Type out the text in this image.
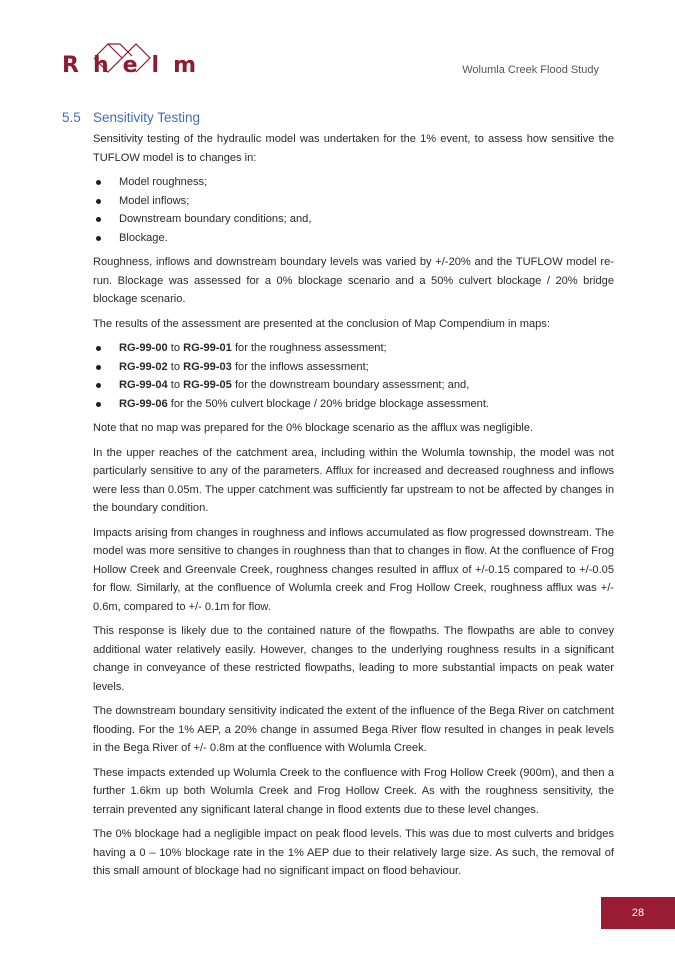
R h e l m	Wolumla Creek Flood Study
5.5 Sensitivity Testing

Sensitivity testing of the hydraulic model was undertaken for the 1% event, to assess how sensitive the TUFLOW model is to changes in:

Model roughness;
Model inflows;
Downstream boundary conditions; and,
Blockage.

Roughness, inflows and downstream boundary levels was varied by +/-20% and the TUFLOW model re-run. Blockage was assessed for a 0% blockage scenario and a 50% culvert blockage / 20% bridge blockage scenario.

The results of the assessment are presented at the conclusion of Map Compendium in maps:

RG-99-00 to RG-99-01 for the roughness assessment;
RG-99-02 to RG-99-03 for the inflows assessment;
RG-99-04 to RG-99-05 for the downstream boundary assessment; and,
RG-99-06 for the 50% culvert blockage / 20% bridge blockage assessment.

Note that no map was prepared for the 0% blockage scenario as the afflux was negligible.

In the upper reaches of the catchment area, including within the Wolumla township, the model was not particularly sensitive to any of the parameters. Afflux for increased and decreased roughness and inflows were less than 0.05m. The upper catchment was sufficiently far upstream to not be affected by changes in the boundary condition.

Impacts arising from changes in roughness and inflows accumulated as flow progressed downstream. The model was more sensitive to changes in roughness than that to changes in flow. At the confluence of Frog Hollow Creek and Greenvale Creek, roughness changes resulted in afflux of +/-0.15 compared to +/-0.05 for flow. Similarly, at the confluence of Wolumla creek and Frog Hollow Creek, roughness afflux was +/- 0.6m, compared to +/- 0.1m for flow.

This response is likely due to the contained nature of the flowpaths. The flowpaths are able to convey additional water relatively easily. However, changes to the underlying roughness results in a significant change in conveyance of these restricted flowpaths, leading to more substantial impacts on peak water levels.

The downstream boundary sensitivity indicated the extent of the influence of the Bega River on catchment flooding. For the 1% AEP, a 20% change in assumed Bega River flow resulted in changes in peak levels in the Bega River of +/- 0.8m at the confluence with Wolumla Creek.

These impacts extended up Wolumla Creek to the confluence with Frog Hollow Creek (900m), and then a further 1.6km up both Wolumla Creek and Frog Hollow Creek. As with the roughness sensitivity, the terrain prevented any significant lateral change in flood extents due to these level changes.

The 0% blockage had a negligible impact on peak flood levels. This was due to most culverts and bridges having a 0 – 10% blockage rate in the 1% AEP due to their relatively large size. As such, the removal of this small amount of blockage had no significant impact on flood behaviour.

28
